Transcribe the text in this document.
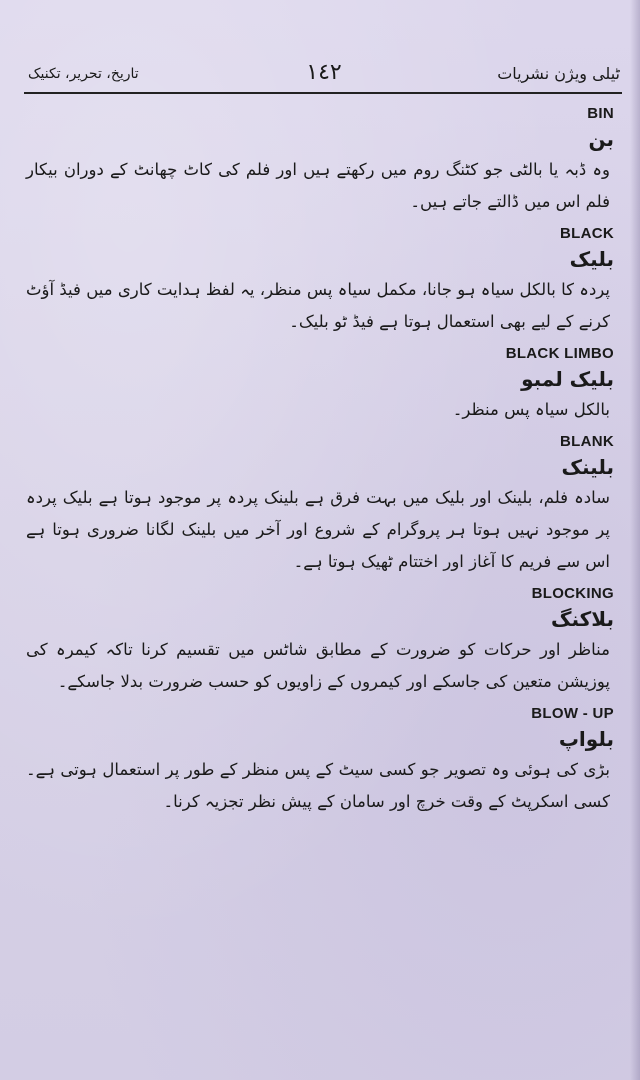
تاریخ، تحریر، تکنیک	١٤٢	ٹیلی ویژن نشریات
BIN
بن
وہ ڈبہ یا بالٹی جو کٹنگ روم میں رکھتے ہیں اور فلم کی کاٹ چھانٹ کے دوران بیکار فلم اس میں ڈالتے جاتے ہیں۔
BLACK
بلیک
پردہ کا بالکل سیاہ ہو جانا، مکمل سیاہ پس منظر، یہ لفظ ہدایت کاری میں فیڈ آؤٹ کرنے کے لیے بھی استعمال ہوتا ہے فیڈ ٹو بلیک۔
BLACK LIMBO
بلیک لمبو
بالکل سیاہ پس منظر۔
BLANK
بلینک
سادہ فلم، بلینک اور بلیک میں بہت فرق ہے بلینک پردہ پر موجود ہوتا ہے بلیک پردہ پر موجود نہیں ہوتا ہر پروگرام کے شروع اور آخر میں بلینک لگانا ضروری ہوتا ہے اس سے فریم کا آغاز اور اختتام ٹھیک ہوتا ہے۔
BLOCKING
بلاکنگ
مناظر اور حرکات کو ضرورت کے مطابق شاٹس میں تقسیم کرنا تاکہ کیمرہ کی پوزیشن متعین کی جاسکے اور کیمروں کے زاویوں کو حسب ضرورت بدلا جاسکے۔
BLOW - UP
بلواپ
بڑی کی ہوئی وہ تصویر جو کسی سیٹ کے پس منظر کے طور پر استعمال ہوتی ہے۔ کسی اسکرپٹ کے وقت خرچ اور سامان کے پیش نظر تجزیہ کرنا۔
